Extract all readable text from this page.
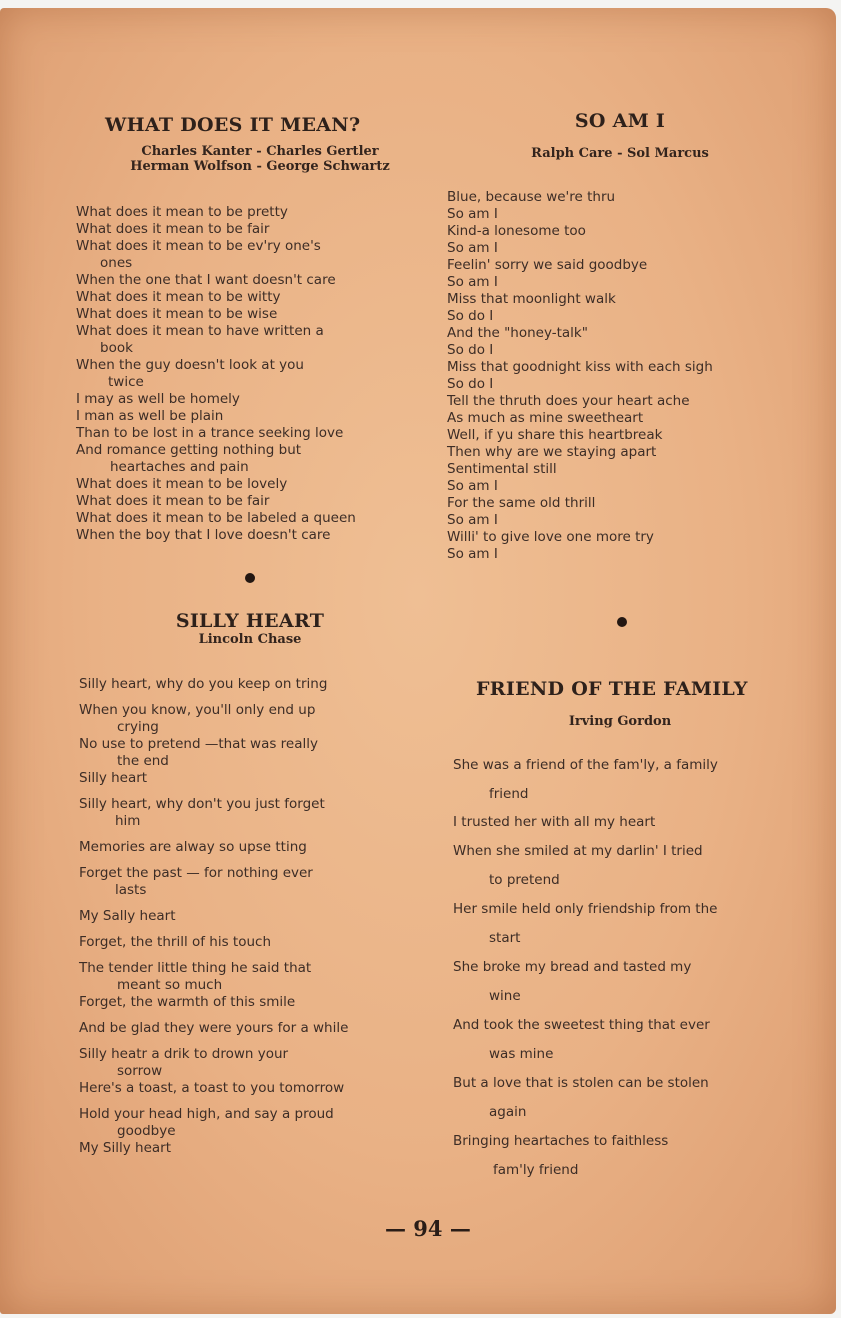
WHAT DOES IT MEAN?
Charles Kanter - Charles Gertler
Herman Wolfson - George Schwartz
What does it mean to be pretty
What does it mean to be fair
What does it mean to be ev'ry one's
ones
When the one that I want doesn't care
What does it mean to be witty
What does it mean to be wise
What does it mean to have written a
book
When the guy doesn't look at you
twice
I may as well be homely
I man as well be plain
Than to be lost in a trance seeking love
And romance getting nothing but
heartaches and pain
What does it mean to be lovely
What does it mean to be fair
What does it mean to be labeled a queen
When the boy that I love doesn't care
SILLY HEART
Lincoln Chase
Silly heart, why do you keep on tring
When you know, you'll only end up
crying
No use to pretend —that was really
the end
Silly heart
Silly heart, why don't you just forget
him
Memories are alway so upse tting
Forget the past — for nothing ever
lasts
My Sally heart
Forget, the thrill of his touch
The tender little thing he said that
meant so much
Forget, the warmth of this smile
And be glad they were yours for a while
Silly heatr a drik to drown your
sorrow
Here's a toast, a toast to you tomorrow
Hold your head high, and say a proud
goodbye
My Silly heart
SO AM I
Ralph Care - Sol Marcus
Blue, because we're thru
So am I
Kind-a lonesome too
So am I
Feelin' sorry we said goodbye
So am I
Miss that moonlight walk
So do I
And the "honey-talk"
So do I
Miss that goodnight kiss with each sigh
So do I
Tell the thruth does your heart ache
As much as mine sweetheart
Well, if yu share this heartbreak
Then why are we staying apart
Sentimental still
So am I
For the same old thrill
So am I
Willi' to give love one more try
So am I
FRIEND OF THE FAMILY
Irving Gordon
She was a friend of the fam'ly, a family
friend
I trusted her with all my heart
When she smiled at my darlin' I tried
to pretend
Her smile held only friendship from the
start
She broke my bread and tasted my
wine
And took the sweetest thing that ever
was mine
But a love that is stolen can be stolen
again
Bringing heartaches to faithless
fam'ly friend
— 94 —
